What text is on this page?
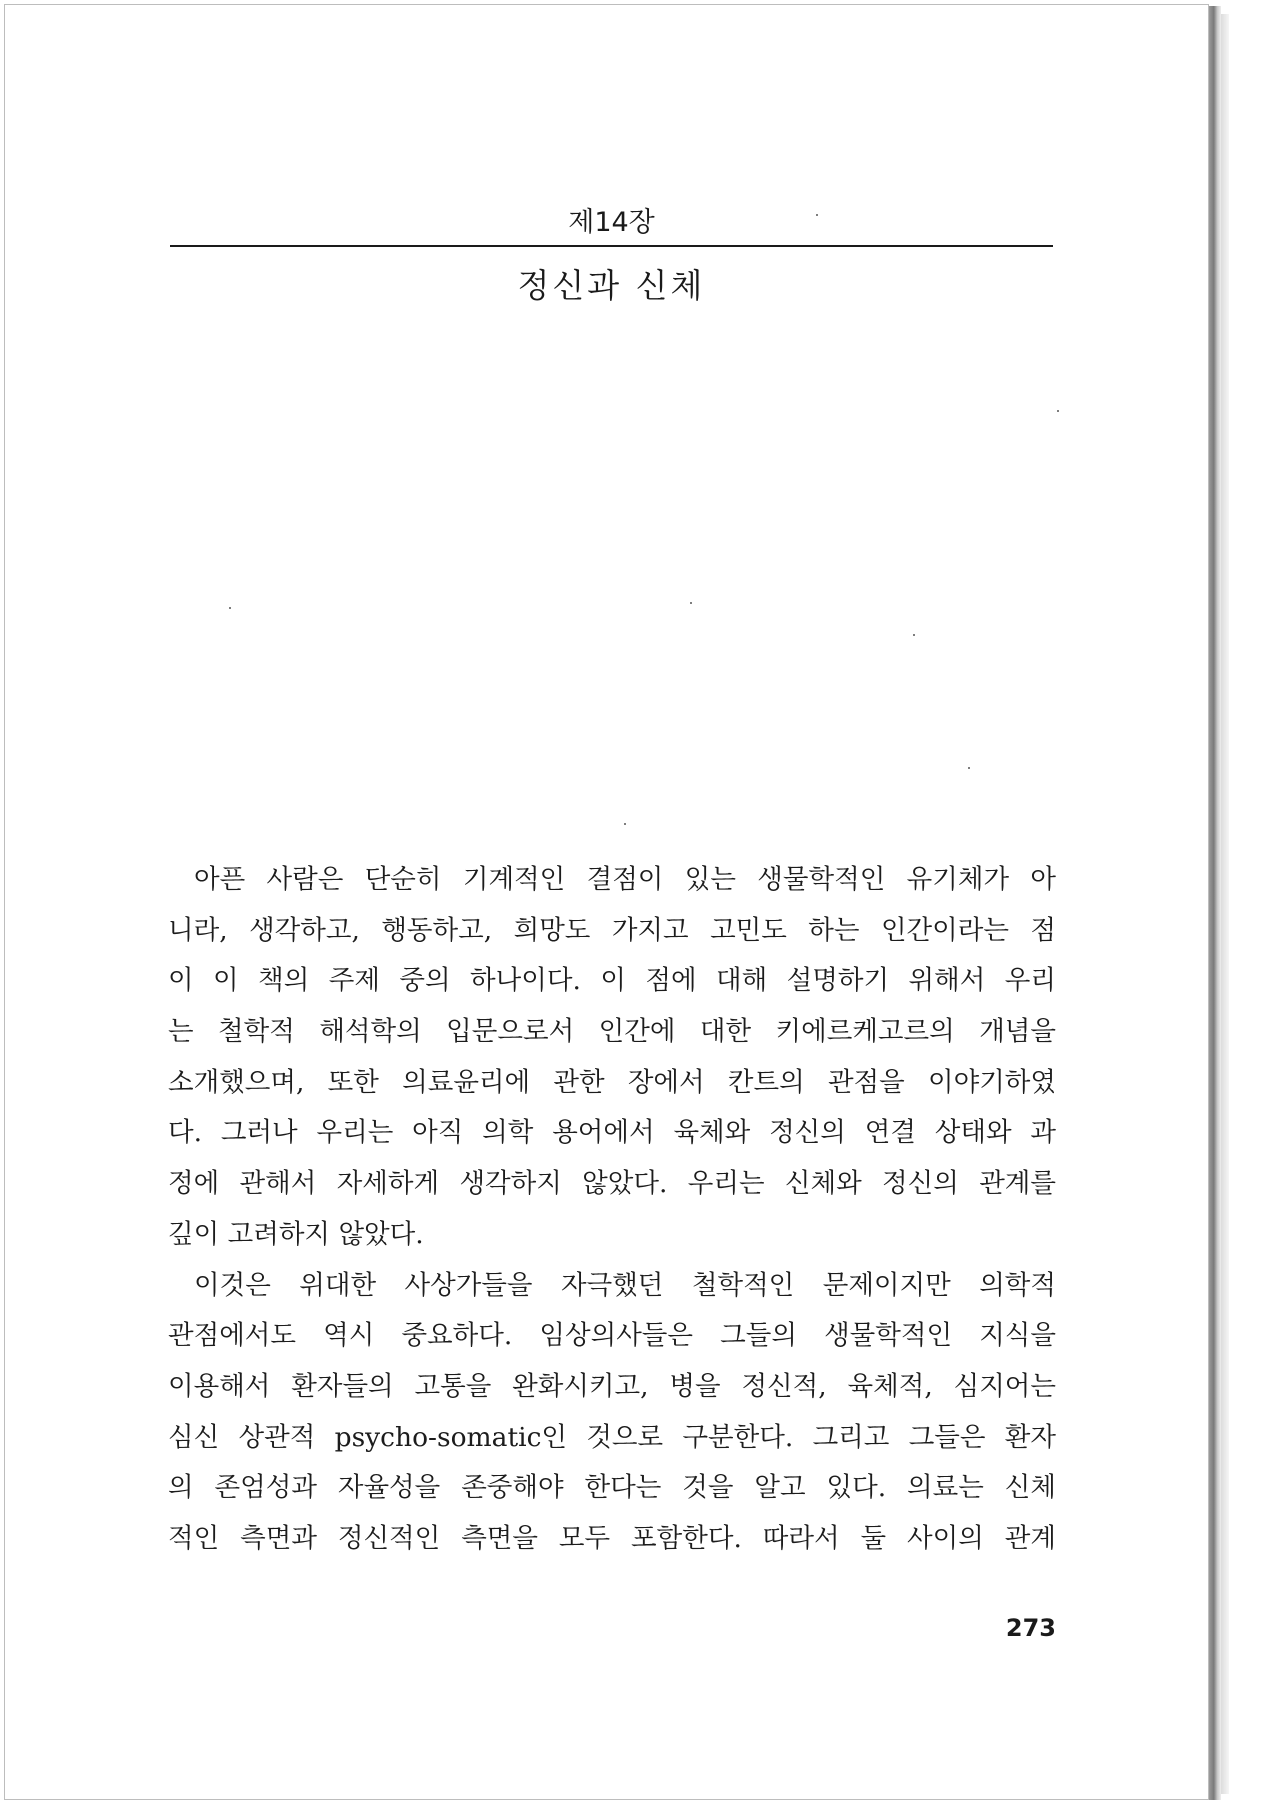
제14장
정신과 신체
아픈 사람은 단순히 기계적인 결점이 있는 생물학적인 유기체가 아
니라, 생각하고, 행동하고, 희망도 가지고 고민도 하는 인간이라는 점
이 이 책의 주제 중의 하나이다. 이 점에 대해 설명하기 위해서 우리
는 철학적 해석학의 입문으로서 인간에 대한 키에르케고르의 개념을
소개했으며, 또한 의료윤리에 관한 장에서 칸트의 관점을 이야기하였
다. 그러나 우리는 아직 의학 용어에서 육체와 정신의 연결 상태와 과
정에 관해서 자세하게 생각하지 않았다. 우리는 신체와 정신의 관계를
깊이 고려하지 않았다.
이것은 위대한 사상가들을 자극했던 철학적인 문제이지만 의학적
관점에서도 역시 중요하다. 임상의사들은 그들의 생물학적인 지식을
이용해서 환자들의 고통을 완화시키고, 병을 정신적, 육체적, 심지어는
심신 상관적 psycho-somatic인 것으로 구분한다. 그리고 그들은 환자
의 존엄성과 자율성을 존중해야 한다는 것을 알고 있다. 의료는 신체
적인 측면과 정신적인 측면을 모두 포함한다. 따라서 둘 사이의 관계
273
